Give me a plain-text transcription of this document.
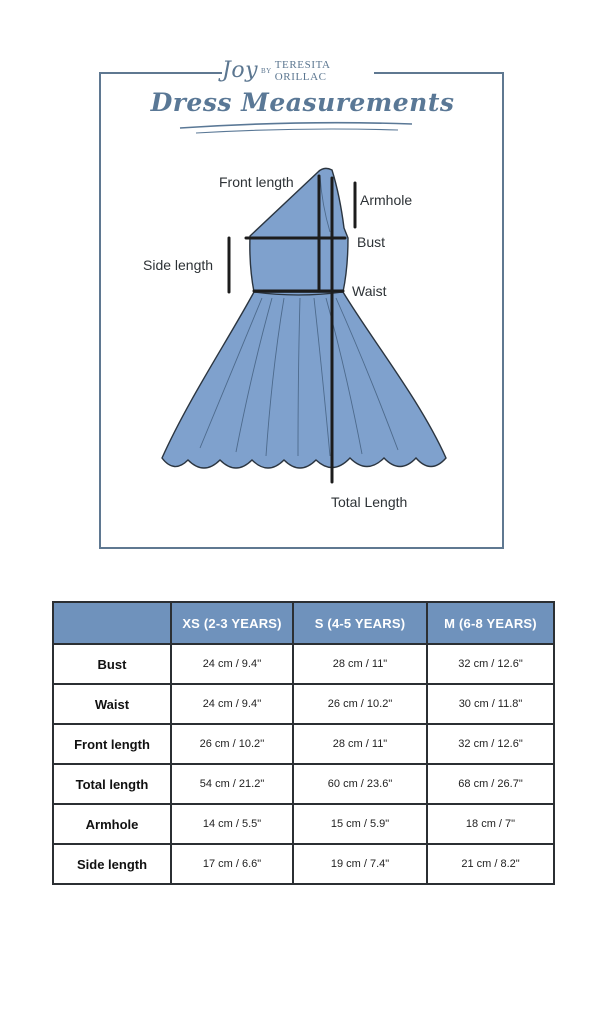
Joy BY TERESITA ORILLAC
Dress Measurements
Front length
Armhole
Bust
Side length
Waist
Total Length
	XS (2-3 YEARS)	S (4-5 YEARS)	M (6-8 YEARS)
Bust	24 cm / 9.4''	28 cm / 11"	32 cm / 12.6"
Waist	24 cm / 9.4''	26 cm / 10.2"	30 cm / 11.8"
Front length	26 cm / 10.2''	28 cm / 11"	32 cm / 12.6"
Total length	54 cm / 21.2"	60 cm / 23.6"	68 cm / 26.7"
Armhole	14 cm / 5.5"	15 cm / 5.9"	18 cm / 7"
Side length	17 cm / 6.6"	19 cm / 7.4"	21 cm / 8.2"
